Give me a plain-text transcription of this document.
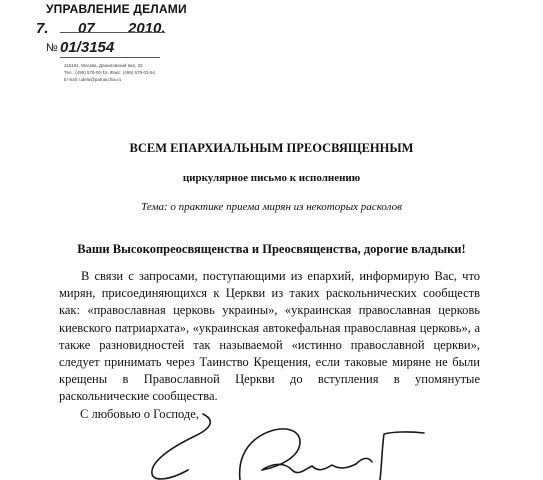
УПРАВЛЕНИЕ ДЕЛАМИ
7. 07 2010.
№ 01/3154
115191, Москва, Даниловский вал, 22
Тел.: (499) 578-00-15, Факс: (499) 578-03-54
E-mail: udela@patriarchia.ru
ВСЕМ ЕПАРХИАЛЬНЫМ ПРЕОСВЯЩЕННЫМ
циркулярное письмо к исполнению
Тема: о практике приема мирян из некоторых расколов
Ваши Высокопреосвященства и Преосвященства, дорогие владыки!
В связи с запросами, поступающими из епархий, информирую Вас, что мирян, присоединяющихся к Церкви из таких раскольнических сообществ как: «православная церковь украины», «украинская православная церковь киевского патриархата», «украинская автокефальная православная церковь», а также разновидностей так называемой «истинно православной церкви», следует принимать через Таинство Крещения, если таковые миряне не были крещены в Православной Церкви до вступления в упомянутые раскольнические сообщества.
С любовью о Господе,
